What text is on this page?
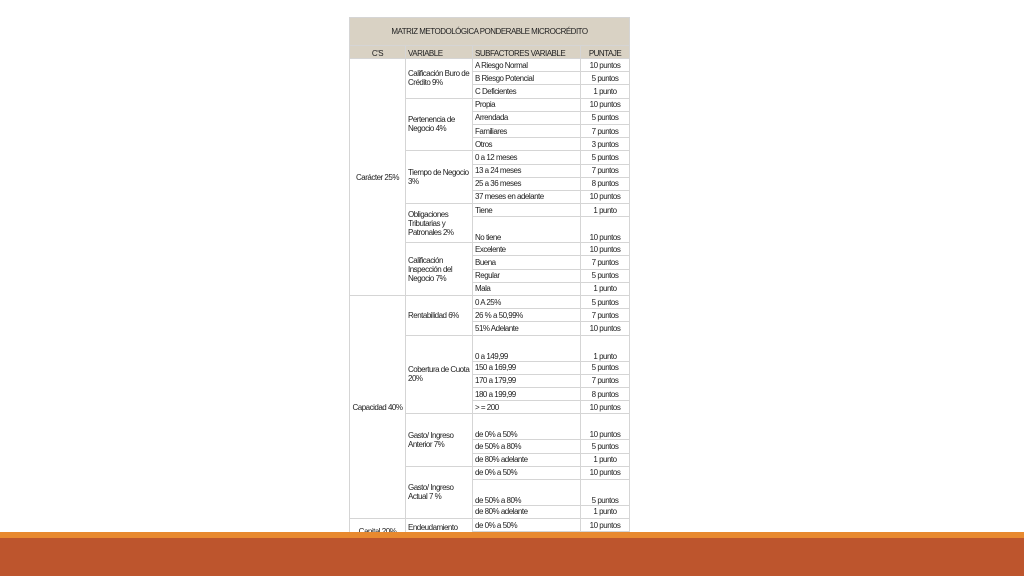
MATRIZ METODOLÓGICA PONDERABLE MICROCRÉDITO			
C'S	VARIABLE	SUBFACTORES VARIABLE	PUNTAJE
Carácter 25%	Calificación Buro de Crédito 9%	A Riesgo Normal	10 puntos
		B Riesgo Potencial	5 puntos
		C Deficientes	1 punto
	Pertenencia de Negocio 4%	Propia	10 puntos
		Arrendada	5 puntos
		Familiares	7 puntos
		Otros	3 puntos
	Tiempo de Negocio 3%	0 a 12 meses	5 puntos
		13 a 24 meses	7 puntos
		25 a 36 meses	8 puntos
		37 meses en adelante	10 puntos
	Obligaciones Tributarias y Patronales 2%	Tiene	1 punto
		No tiene	10 puntos
	Calificación Inspección del Negocio 7%	Excelente	10 puntos
		Buena	7 puntos
		Regular	5 puntos
		Mala	1 punto
Capacidad 40%	Rentabilidad 6%	0 A 25%	5 puntos
		26 % a 50,99%	7 puntos
		51% Adelante	10 puntos
	Cobertura de Cuota 20%	0 a 149,99	1 punto
		150 a 169,99	5 puntos
		170 a 179,99	7 puntos
		180 a 199,99	8 puntos
		> = 200	10 puntos
	Gasto/ Ingreso Anterior 7%	de 0% a 50%	10 puntos
		de 50% a 80%	5 puntos
		de 80% adelante	1 punto
	Gasto/ Ingreso Actual 7 %	de 0% a 50%	10 puntos
		de 50% a 80%	5 puntos
		de 80% adelante	1 punto
	Endeudamiento	de 0% a 50%	10 puntos
